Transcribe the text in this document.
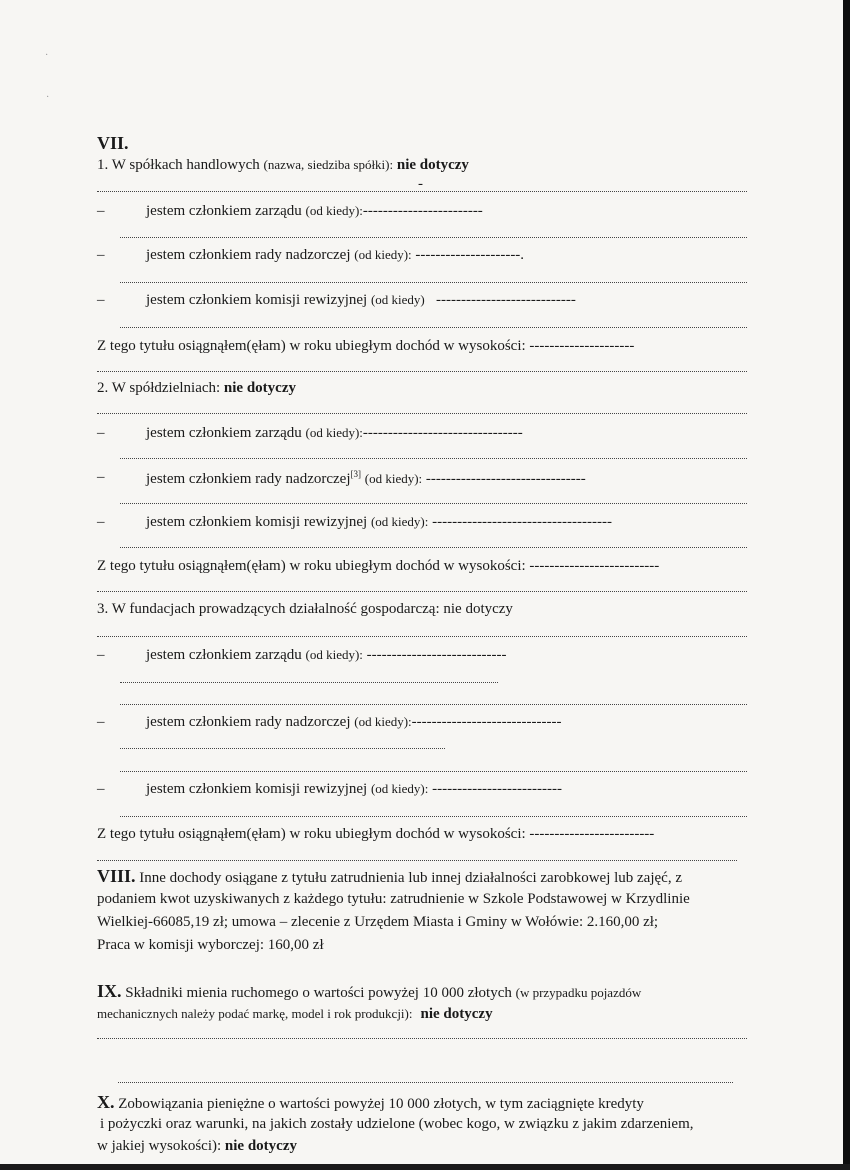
·
·
VII.
1. W spółkach handlowych (nazwa, siedziba spółki): nie dotyczy
-
–	jestem członkiem zarządu (od kiedy):------------------------
–	jestem członkiem rady nadzorczej (od kiedy): ---------------------.
–	jestem członkiem komisji rewizyjnej (od kiedy) ----------------------------
Z tego tytułu osiągnąłem(ęłam) w roku ubiegłym dochód w wysokości: ---------------------
2. W spółdzielniach: nie dotyczy
–	jestem członkiem zarządu (od kiedy):--------------------------------
–	jestem członkiem rady nadzorczej[3] (od kiedy): --------------------------------
–	jestem członkiem komisji rewizyjnej (od kiedy): ------------------------------------
Z tego tytułu osiągnąłem(ęłam) w roku ubiegłym dochód w wysokości: --------------------------
3. W fundacjach prowadzących działalność gospodarczą: nie dotyczy
–	jestem członkiem zarządu (od kiedy): ----------------------------
–	jestem członkiem rady nadzorczej (od kiedy):------------------------------
–	jestem członkiem komisji rewizyjnej (od kiedy): --------------------------
Z tego tytułu osiągnąłem(ęłam) w roku ubiegłym dochód w wysokości: -------------------------
VIII. Inne dochody osiągane z tytułu zatrudnienia lub innej działalności zarobkowej lub zajęć, z
podaniem kwot uzyskiwanych z każdego tytułu: zatrudnienie w Szkole Podstawowej w Krzydlinie
Wielkiej-66085,19 zł; umowa – zlecenie z Urzędem Miasta i Gminy w Wołówie: 2.160,00 zł;
Praca w komisji wyborczej: 160,00 zł
IX. Składniki mienia ruchomego o wartości powyżej 10 000 złotych (w przypadku pojazdów
mechanicznych należy podać markę, model i rok produkcji): nie dotyczy
X. Zobowiązania pieniężne o wartości powyżej 10 000 złotych, w tym zaciągnięte kredyty
i pożyczki oraz warunki, na jakich zostały udzielone (wobec kogo, w związku z jakim zdarzeniem,
w jakiej wysokości): nie dotyczy
